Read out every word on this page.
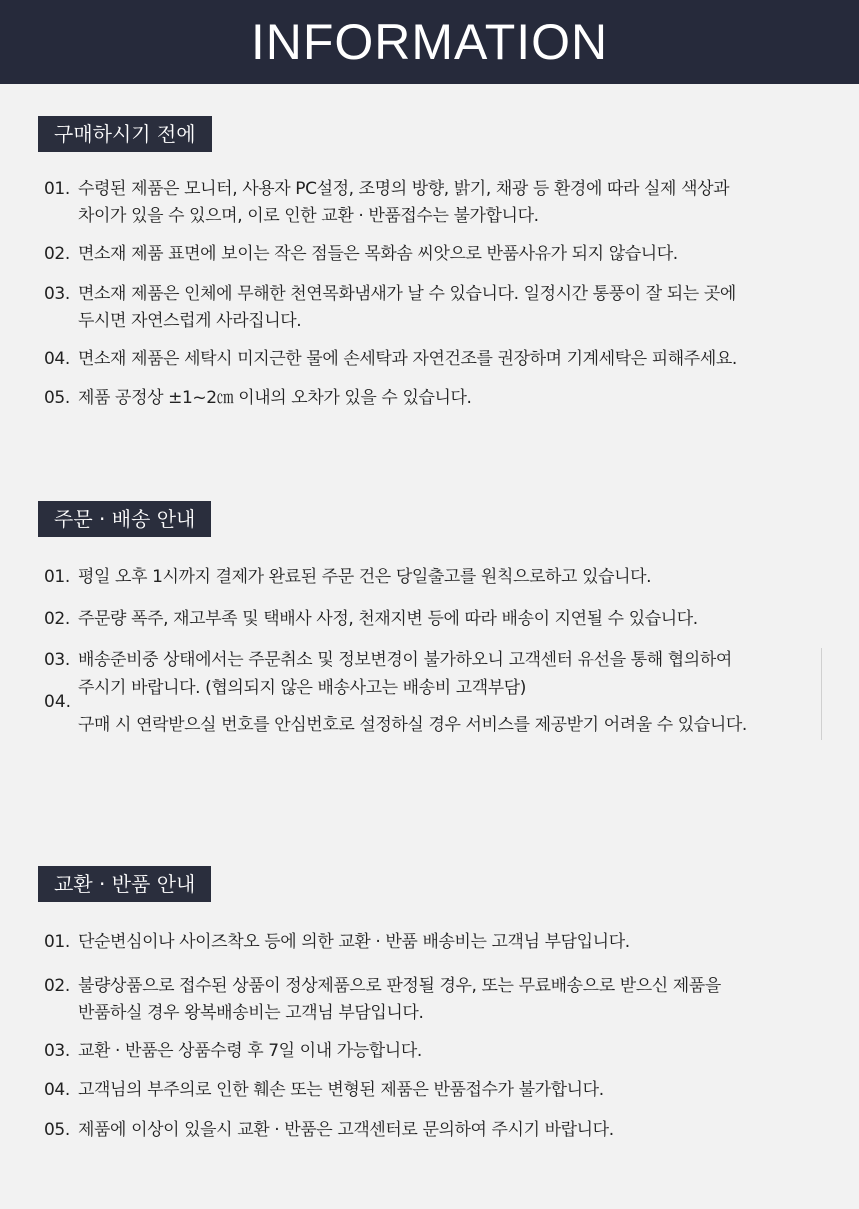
INFORMATION
구매하시기 전에
01. 수령된 제품은 모니터, 사용자 PC설정, 조명의 방향, 밝기, 채광 등 환경에 따라 실제 색상과
차이가 있을 수 있으며, 이로 인한 교환 · 반품접수는 불가합니다.
02. 면소재 제품 표면에 보이는 작은 점들은 목화솜 씨앗으로 반품사유가 되지 않습니다.
03. 면소재 제품은 인체에 무해한 천연목화냄새가 날 수 있습니다. 일정시간 통풍이 잘 되는 곳에
두시면 자연스럽게 사라집니다.
04. 면소재 제품은 세탁시 미지근한 물에 손세탁과 자연건조를 권장하며 기계세탁은 피해주세요.
05. 제품 공정상 ±1~2㎝ 이내의 오차가 있을 수 있습니다.
주문 · 배송 안내
01. 평일 오후 1시까지 결제가 완료된 주문 건은 당일출고를 원칙으로하고 있습니다.
02. 주문량 폭주, 재고부족 및 택배사 사정, 천재지변 등에 따라 배송이 지연될 수 있습니다.
03. 배송준비중 상태에서는 주문취소 및 정보변경이 불가하오니 고객센터 유선을 통해 협의하여
주시기 바랍니다. (협의되지 않은 배송사고는 배송비 고객부담)
04.
구매 시 연락받으실 번호를 안심번호로 설정하실 경우 서비스를 제공받기 어려울 수 있습니다.
교환 · 반품 안내
01. 단순변심이나 사이즈착오 등에 의한 교환 · 반품 배송비는 고객님 부담입니다.
02. 불량상품으로 접수된 상품이 정상제품으로 판정될 경우, 또는 무료배송으로 받으신 제품을
반품하실 경우 왕복배송비는 고객님 부담입니다.
03. 교환 · 반품은 상품수령 후 7일 이내 가능합니다.
04. 고객님의 부주의로 인한 훼손 또는 변형된 제품은 반품접수가 불가합니다.
05. 제품에 이상이 있을시 교환 · 반품은 고객센터로 문의하여 주시기 바랍니다.
